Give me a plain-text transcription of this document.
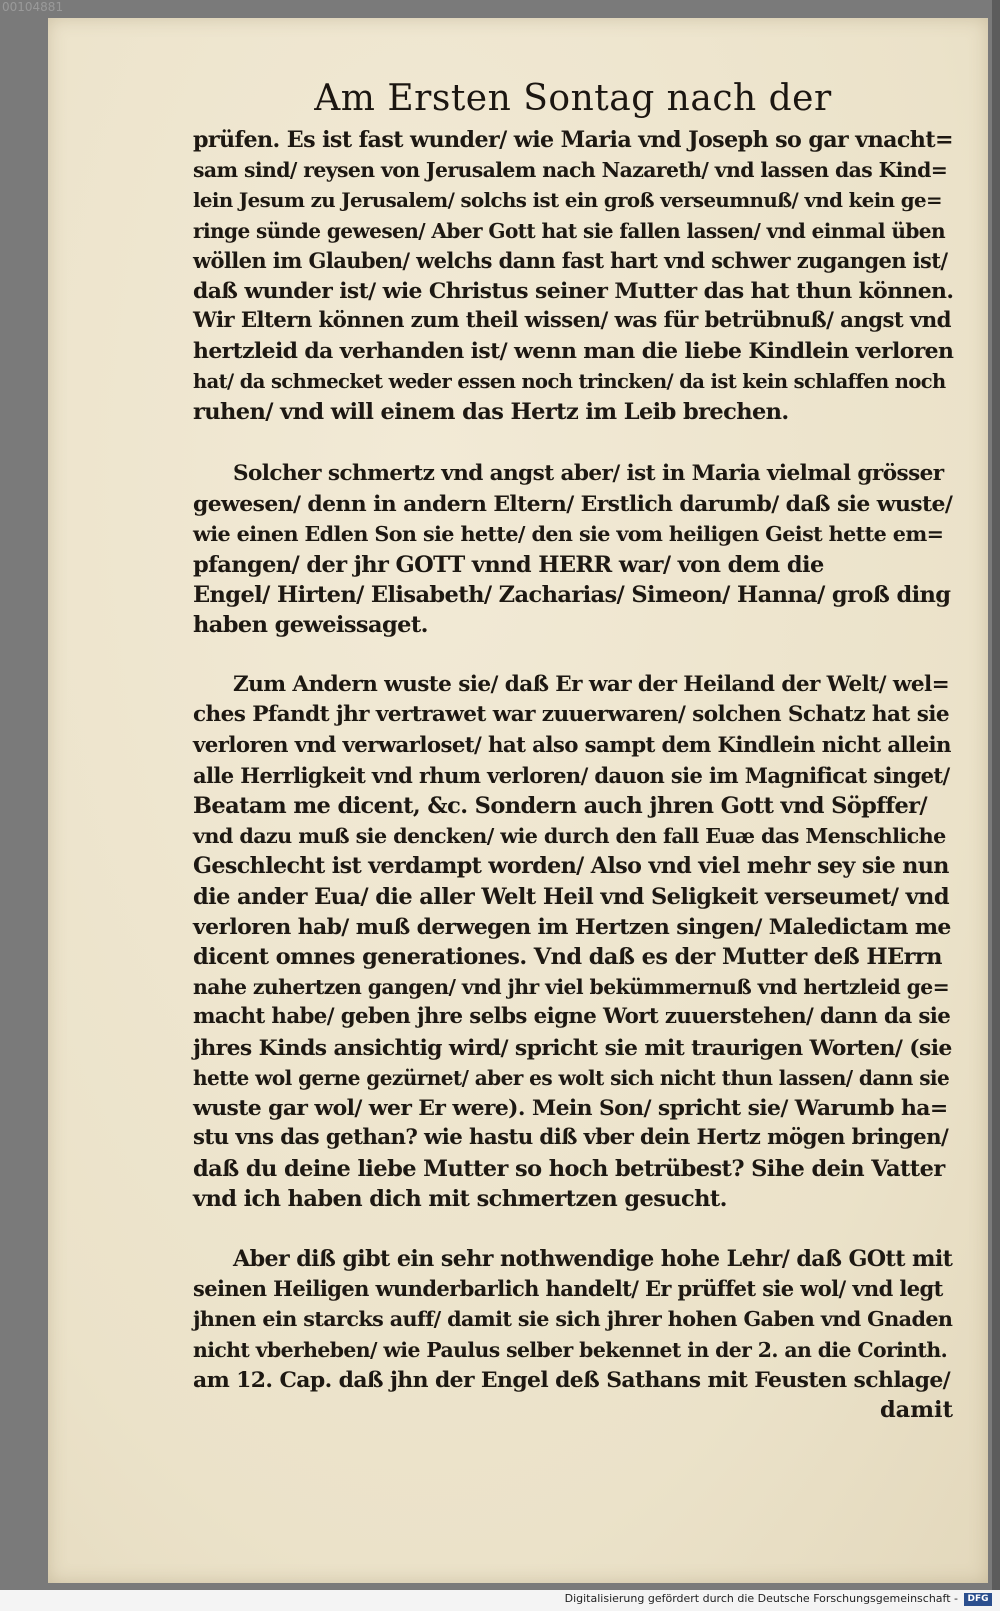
00104881
Am Ersten Sontag nach der
prüfen. Es ist fast wunder/ wie Maria vnd Joseph so gar vnacht=
sam sind/ reysen von Jerusalem nach Nazareth/ vnd lassen das Kind=
lein Jesum zu Jerusalem/ solchs ist ein groß verseumnuß/ vnd kein ge=
ringe sünde gewesen/ Aber Gott hat sie fallen lassen/ vnd einmal üben
wöllen im Glauben/ welchs dann fast hart vnd schwer zugangen ist/
daß wunder ist/ wie Christus seiner Mutter das hat thun können.
Wir Eltern können zum theil wissen/ was für betrübnuß/ angst vnd
hertzleid da verhanden ist/ wenn man die liebe Kindlein verloren
hat/ da schmecket weder essen noch trincken/ da ist kein schlaffen noch
ruhen/ vnd will einem das Hertz im Leib brechen.
Solcher schmertz vnd angst aber/ ist in Maria vielmal grösser
gewesen/ denn in andern Eltern/ Erstlich darumb/ daß sie wuste/
wie einen Edlen Son sie hette/ den sie vom heiligen Geist hette em=
pfangen/ der jhr GOTT vnnd HERR war/ von dem die
Engel/ Hirten/ Elisabeth/ Zacharias/ Simeon/ Hanna/ groß ding
haben geweissaget.
Zum Andern wuste sie/ daß Er war der Heiland der Welt/ wel=
ches Pfandt jhr vertrawet war zuuerwaren/ solchen Schatz hat sie
verloren vnd verwarloset/ hat also sampt dem Kindlein nicht allein
alle Herrligkeit vnd rhum verloren/ dauon sie im Magnificat singet/
Beatam me dicent, &c. Sondern auch jhren Gott vnd Söpffer/
vnd dazu muß sie dencken/ wie durch den fall Euæ das Menschliche
Geschlecht ist verdampt worden/ Also vnd viel mehr sey sie nun
die ander Eua/ die aller Welt Heil vnd Seligkeit verseumet/ vnd
verloren hab/ muß derwegen im Hertzen singen/ Maledictam me
dicent omnes generationes. Vnd daß es der Mutter deß HErrn
nahe zuhertzen gangen/ vnd jhr viel bekümmernuß vnd hertzleid ge=
macht habe/ geben jhre selbs eigne Wort zuuerstehen/ dann da sie
jhres Kinds ansichtig wird/ spricht sie mit traurigen Worten/ (sie
hette wol gerne gezürnet/ aber es wolt sich nicht thun lassen/ dann sie
wuste gar wol/ wer Er were). Mein Son/ spricht sie/ Warumb ha=
stu vns das gethan? wie hastu diß vber dein Hertz mögen bringen/
daß du deine liebe Mutter so hoch betrübest? Sihe dein Vatter
vnd ich haben dich mit schmertzen gesucht.
Aber diß gibt ein sehr nothwendige hohe Lehr/ daß GOtt mit
seinen Heiligen wunderbarlich handelt/ Er prüffet sie wol/ vnd legt
jhnen ein starcks auff/ damit sie sich jhrer hohen Gaben vnd Gnaden
nicht vberheben/ wie Paulus selber bekennet in der 2. an die Corinth.
am 12. Cap. daß jhn der Engel deß Sathans mit Feusten schlage/
damit
Digitalisierung gefördert durch die Deutsche Forschungsgemeinschaft -	DFG
